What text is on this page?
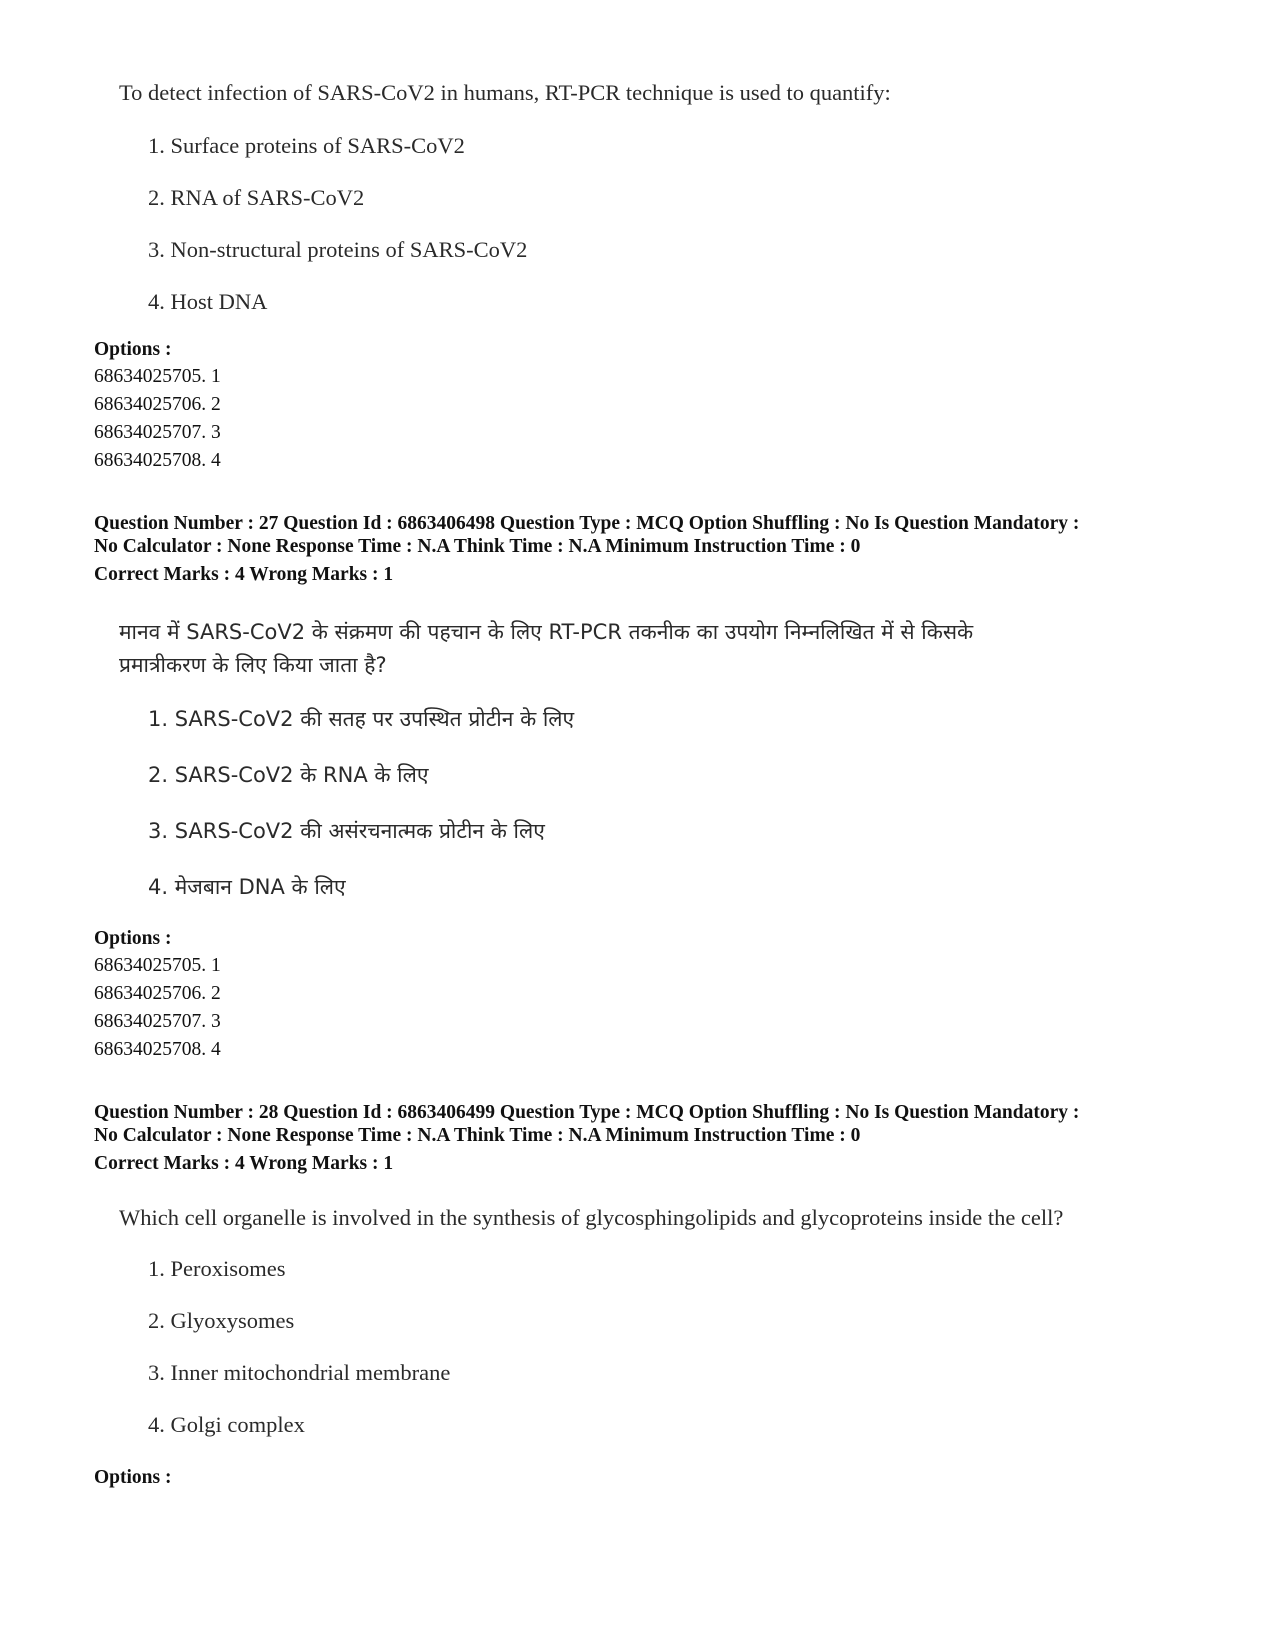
To detect infection of SARS-CoV2 in humans, RT-PCR technique is used to quantify:
1. Surface proteins of SARS-CoV2
2. RNA of SARS-CoV2
3. Non-structural proteins of SARS-CoV2
4. Host DNA
Options :
68634025705. 1
68634025706. 2
68634025707. 3
68634025708. 4
Question Number : 27 Question Id : 6863406498 Question Type : MCQ Option Shuffling : No Is Question Mandatory :
No Calculator : None Response Time : N.A Think Time : N.A Minimum Instruction Time : 0
Correct Marks : 4 Wrong Marks : 1
मानव में SARS-CoV2 के संक्रमण की पहचान के लिए RT-PCR तकनीक का उपयोग निम्नलिखित में से किसके
प्रमात्रीकरण के लिए किया जाता है?
1. SARS-CoV2 की सतह पर उपस्थित प्रोटीन के लिए
2. SARS-CoV2 के RNA के लिए
3. SARS-CoV2 की असंरचनात्मक प्रोटीन के लिए
4. मेजबान DNA के लिए
Options :
68634025705. 1
68634025706. 2
68634025707. 3
68634025708. 4
Question Number : 28 Question Id : 6863406499 Question Type : MCQ Option Shuffling : No Is Question Mandatory :
No Calculator : None Response Time : N.A Think Time : N.A Minimum Instruction Time : 0
Correct Marks : 4 Wrong Marks : 1
Which cell organelle is involved in the synthesis of glycosphingolipids and glycoproteins inside the cell?
1. Peroxisomes
2. Glyoxysomes
3. Inner mitochondrial membrane
4. Golgi complex
Options :
